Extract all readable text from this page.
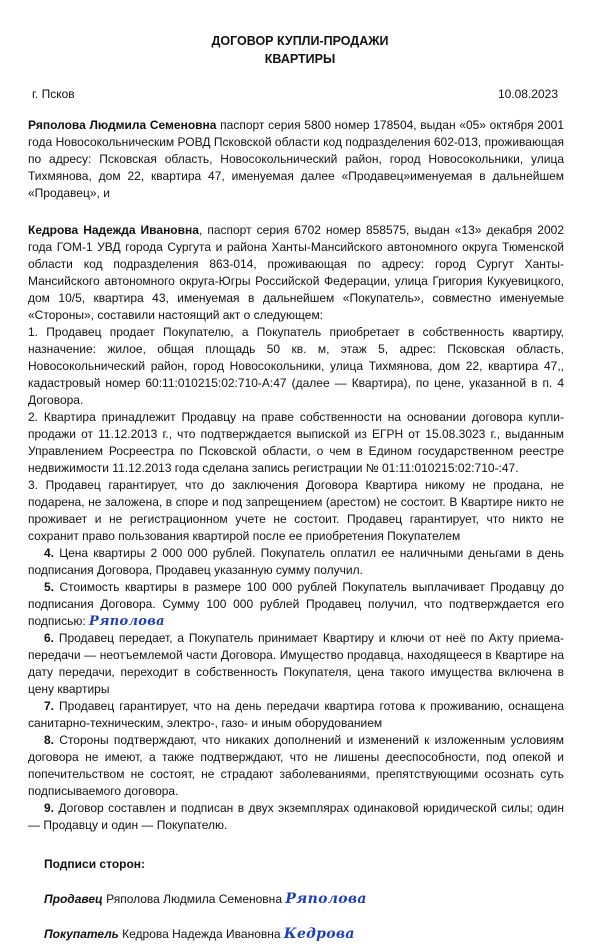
ДОГОВОР КУПЛИ-ПРОДАЖИ
КВАРТИРЫ
г. Псков	10.08.2023

Ряполова Людмила Семеновна паспорт серия 5800 номер 178504, выдан «05» октября 2001 года Новосокольническим РОВД Псковской области код подразделения 602-013, проживающая по адресу: Псковская область, Новосокольнический район, город Новосокольники, улица Тихмянова, дом 22, квартира 47, именуемая далее «Продавец»именуемая в дальнейшем «Продавец», и

Кедрова Надежда Ивановна, паспорт серия 6702 номер 858575, выдан «13» декабря 2002 года ГОМ-1 УВД города Сургута и района Ханты-Мансийского автономного округа Тюменской области код подразделения 863-014, проживающая по адресу: город Сургут Ханты-Мансийского автономного округа-Югры Российской Федерации, улица Григория Кукуевицкого, дом 10/5, квартира 43, именуемая в дальнейшем «Покупатель», совместно именуемые «Стороны», составили настоящий акт о следующем:

1. Продавец продает Покупателю, а Покупатель приобретает в собственность квартиру, назначение: жилое, общая площадь 50 кв. м, этаж 5, адрес: Псковская область, Новосокольнический район, город Новосокольники, улица Тихмянова, дом 22, квартира 47,, кадастровый номер 60:11:010215:02:710-А:47 (далее — Квартира), по цене, указанной в п. 4 Договора.

2. Квартира принадлежит Продавцу на праве собственности на основании договора купли-продажи от 11.12.2013 г., что подтверждается выпиской из ЕГРН от 15.08.3023 г., выданным Управлением Росреестра по Псковской области, о чем в Едином государственном реестре недвижимости 11.12.2013 года сделана запись регистрации № 01:11:010215:02:710-:47.

3. Продавец гарантирует, что до заключения Договора Квартира никому не продана, не подарена, не заложена, в споре и под запрещением (арестом) не состоит. В Квартире никто не проживает и не регистрационном учете не состоит. Продавец гарантирует, что никто не сохранит право пользования квартирой после ее приобретения Покупателем

4. Цена квартиры 2 000 000 рублей. Покупатель оплатил ее наличными деньгами в день подписания Договора, Продавец указанную сумму получил.

5. Стоимость квартиры в размере 100 000 рублей Покупатель выплачивает Продавцу до подписания Договора. Сумму 100 000 рублей Продавец получил, что подтверждается его подписью: Ряполова

6. Продавец передает, а Покупатель принимает Квартиру и ключи от неё по Акту приема-передачи — неотъемлемой части Договора. Имущество продавца, находящееся в Квартире на дату передачи, переходит в собственность Покупателя, цена такого имущества включена в цену квартиры

7. Продавец гарантирует, что на день передачи квартира готова к проживанию, оснащена санитарно-техническим, электро-, газо- и иным оборудованием

8. Стороны подтверждают, что никаких дополнений и изменений к изложенным условиям договора не имеют, а также подтверждают, что не лишены дееспособности, под опекой и попечительством не состоят, не страдают заболеваниями, препятствующими осознать суть подписываемого договора.

9. Договор составлен и подписан в двух экземплярах одинаковой юридической силы; один — Продавцу и один — Покупателю.

Подписи сторон:
Продавец Ряполова Людмила Семеновна Ряполова
Покупатель Кедрова Надежда Ивановна Кедрова
